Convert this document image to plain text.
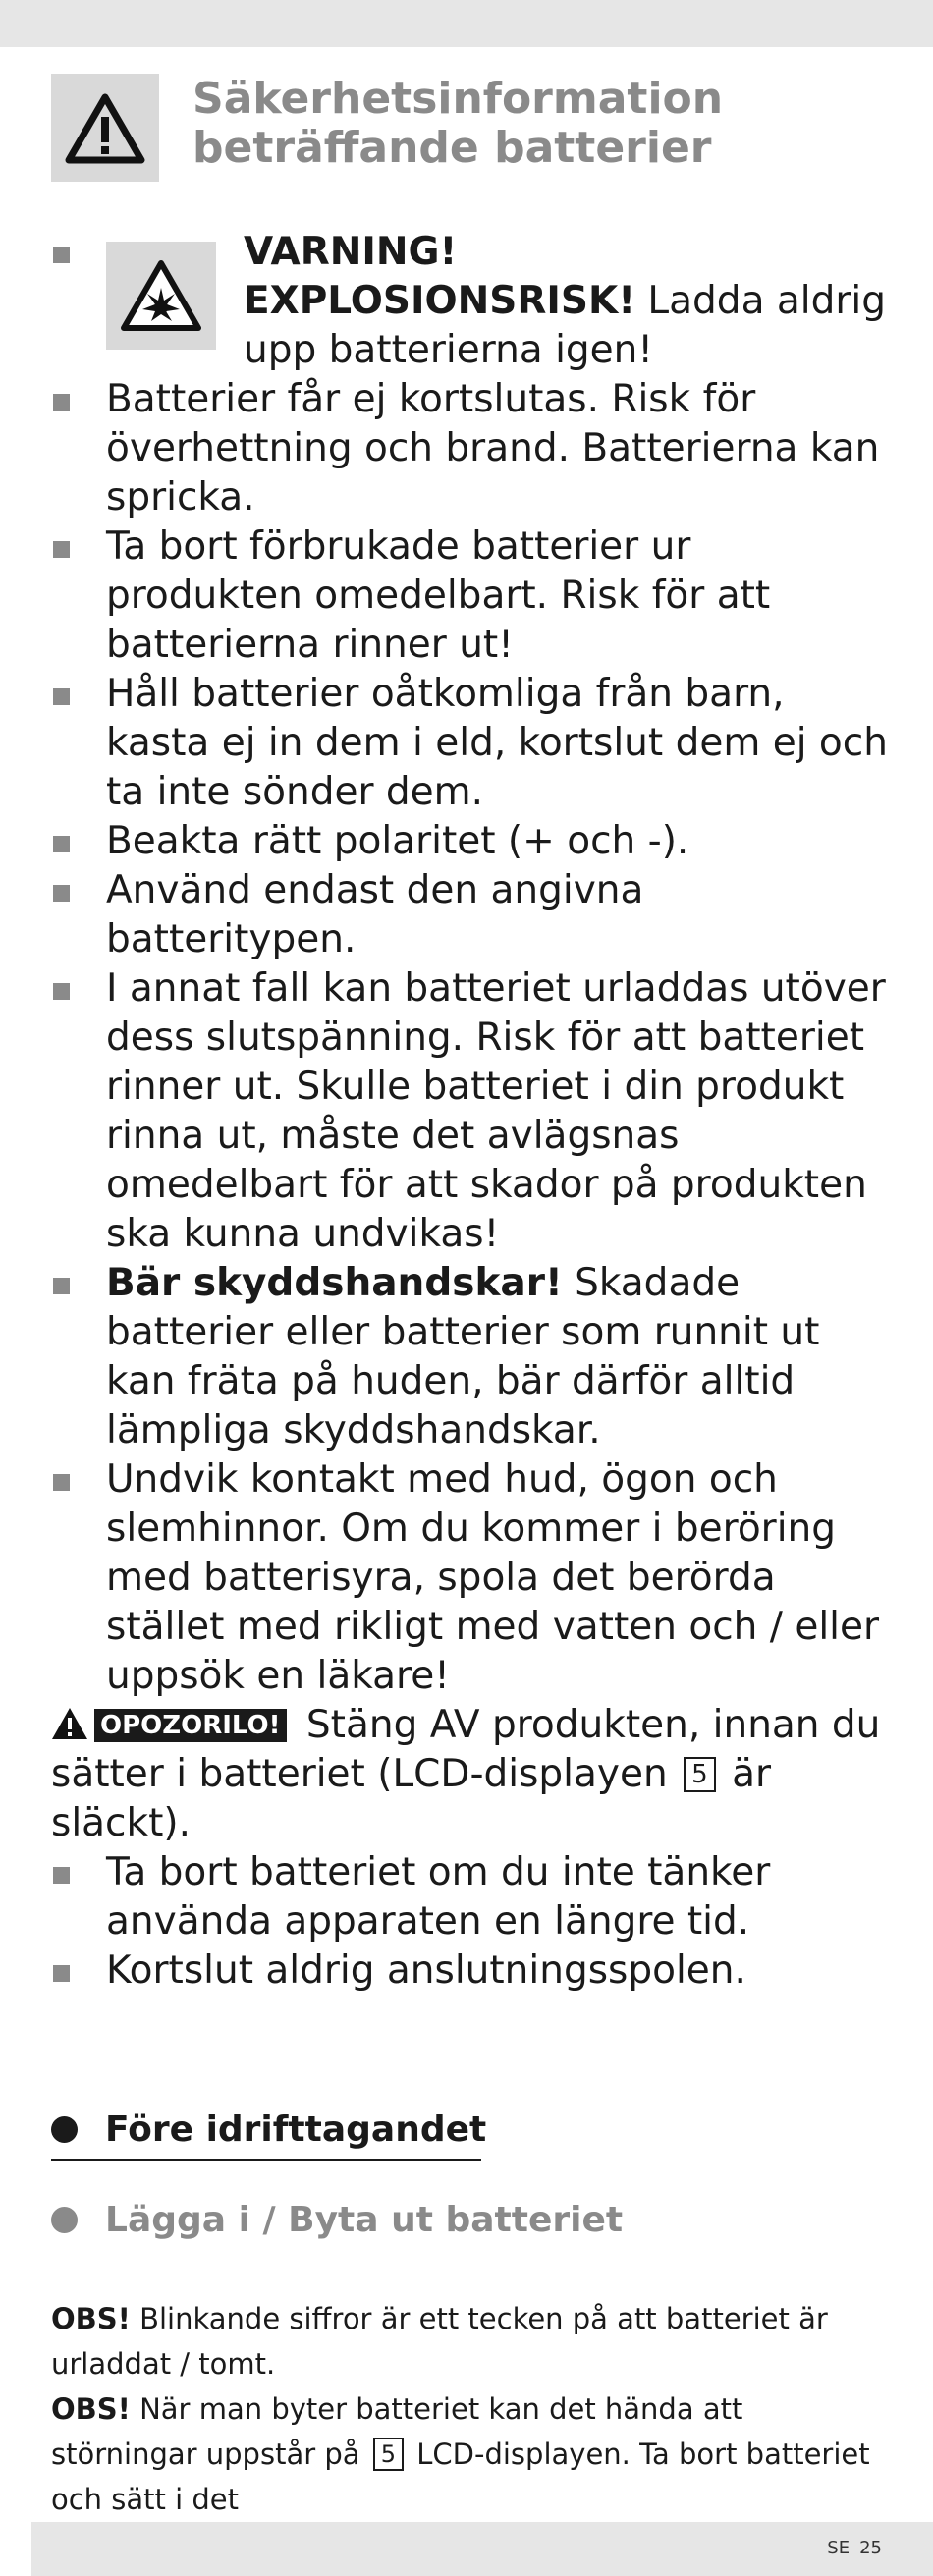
Säkerhetsinformation
beträffande batterier
VARNING!
EXPLOSIONSRISK! Ladda aldrig upp batterierna igen!
Batterier får ej kortslutas. Risk för överhettning och brand. Batterierna kan spricka.
Ta bort förbrukade batterier ur produkten omedelbart. Risk för att batterierna rinner ut!
Håll batterier oåtkomliga från barn, kasta ej in dem i eld, kortslut dem ej och ta inte sönder dem.
Beakta rätt polaritet (+ och -).
Använd endast den angivna batteritypen.
I annat fall kan batteriet urladdas utöver dess slutspänning. Risk för att batteriet rinner ut. Skulle batteriet i din produkt rinna ut, måste det avlägsnas omedelbart för att skador på produkten ska kunna undvikas!
Bär skyddshandskar! Skadade batterier eller batterier som runnit ut kan fräta på huden, bär därför alltid lämpliga skyddshandskar.
Undvik kontakt med hud, ögon och slemhinnor. Om du kommer i beröring med batterisyra, spola det berörda stället med rikligt med vatten och / eller uppsök en läkare!
OPOZORILO! Stäng AV produkten, innan du sätter i batteriet (LCD-displayen 5 är släckt).
Ta bort batteriet om du inte tänker använda apparaten en längre tid.
Kortslut aldrig anslutningsspolen.
Före idrifttagandet
Lägga i / Byta ut batteriet
OBS! Blinkande siffror är ett tecken på att batteriet är urladdat / tomt.
OBS! När man byter batteriet kan det hända att störningar uppstår på 5 LCD-displayen. Ta bort batteriet och sätt i det
SE 25
